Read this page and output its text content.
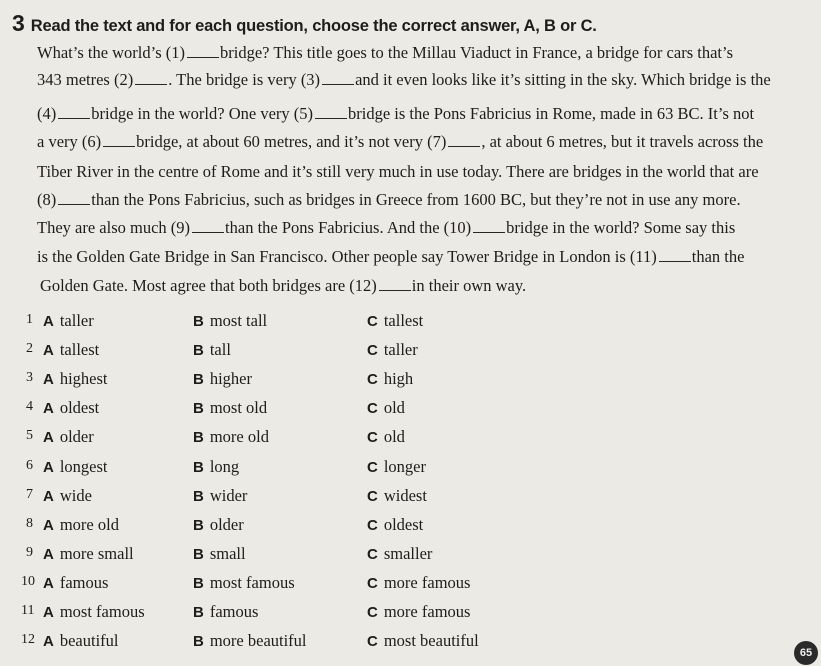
3 Read the text and for each question, choose the correct answer, A, B or C.
What’s the world’s (1) bridge? This title goes to the Millau Viaduct in France, a bridge for cars that’s
343 metres (2) . The bridge is very (3) and it even looks like it’s sitting in the sky. Which bridge is the
(4) bridge in the world? One very (5) bridge is the Pons Fabricius in Rome, made in 63 BC. It’s not
a very (6) bridge, at about 60 metres, and it’s not very (7) , at about 6 metres, but it travels across the
Tiber River in the centre of Rome and it’s still very much in use today. There are bridges in the world that are
(8) than the Pons Fabricius, such as bridges in Greece from 1600 BC, but they’re not in use any more.
They are also much (9) than the Pons Fabricius. And the (10) bridge in the world? Some say this
is the Golden Gate Bridge in San Francisco. Other people say Tower Bridge in London is (11) than the
Golden Gate. Most agree that both bridges are (12) in their own way.
1 A taller	B most tall	C tallest
2 A tallest	B tall	C taller
3 A highest	B higher	C high
4 A oldest	B most old	C old
5 A older	B more old	C old
6 A longest	B long	C longer
7 A wide	B wider	C widest
8 A more old	B older	C oldest
9 A more small	B small	C smaller
10 A famous	B most famous	C more famous
11 A most famous	B famous	C more famous
12 A beautiful	B more beautiful	C most beautiful
65
